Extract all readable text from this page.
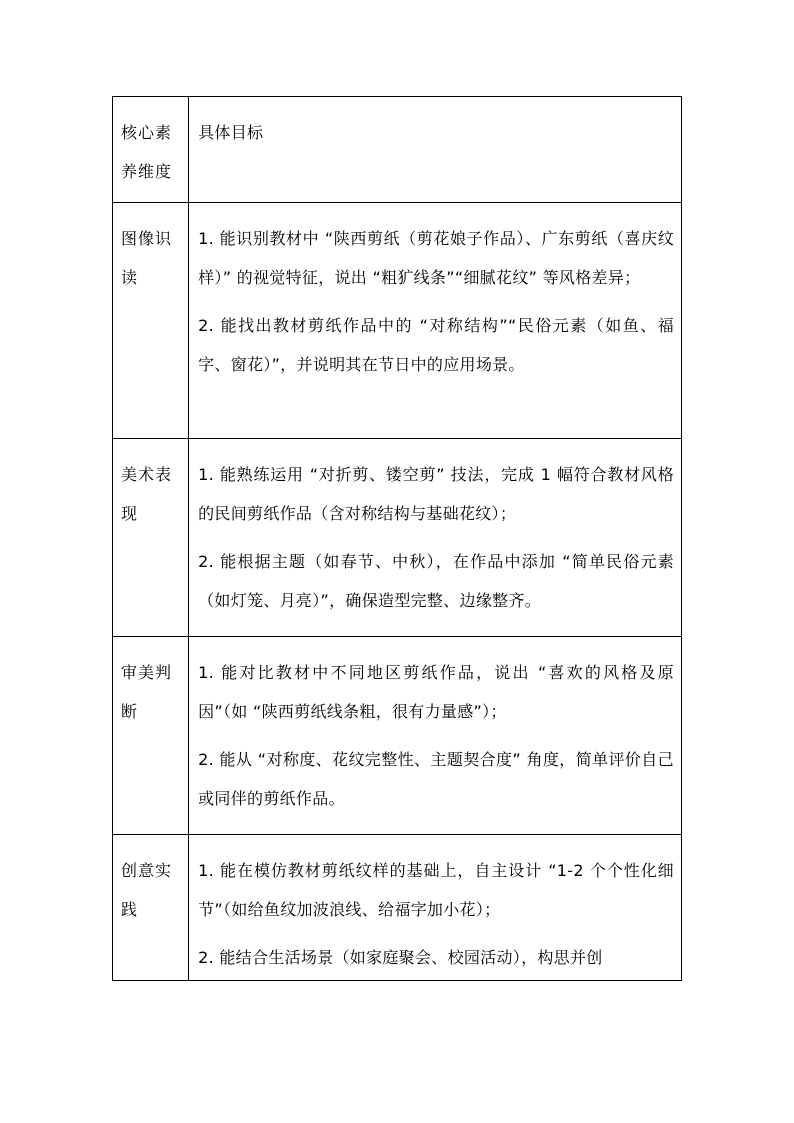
核心素养维度	具体目标

图像识读	1. 能识别教材中 “陕西剪纸（剪花娘子作品）、广东剪纸（喜庆纹样）” 的视觉特征，说出 “粗犷线条”“细腻花纹” 等风格差异；

2. 能找出教材剪纸作品中的 “对称结构”“民俗元素（如鱼、福字、窗花）”，并说明其在节日中的应用场景。

美术表现	1. 能熟练运用 “对折剪、镂空剪” 技法，完成 1 幅符合教材风格的民间剪纸作品（含对称结构与基础花纹）；

2. 能根据主题（如春节、中秋），在作品中添加 “简单民俗元素（如灯笼、月亮）”，确保造型完整、边缘整齐。

审美判断	1. 能对比教材中不同地区剪纸作品，说出 “喜欢的风格及原因”（如 “陕西剪纸线条粗，很有力量感”）；

2. 能从 “对称度、花纹完整性、主题契合度” 角度，简单评价自己或同伴的剪纸作品。

创意实践	1. 能在模仿教材剪纸纹样的基础上，自主设计 “1-2 个个性化细节”（如给鱼纹加波浪线、给福字加小花）；

2. 能结合生活场景（如家庭聚会、校园活动），构思并创
